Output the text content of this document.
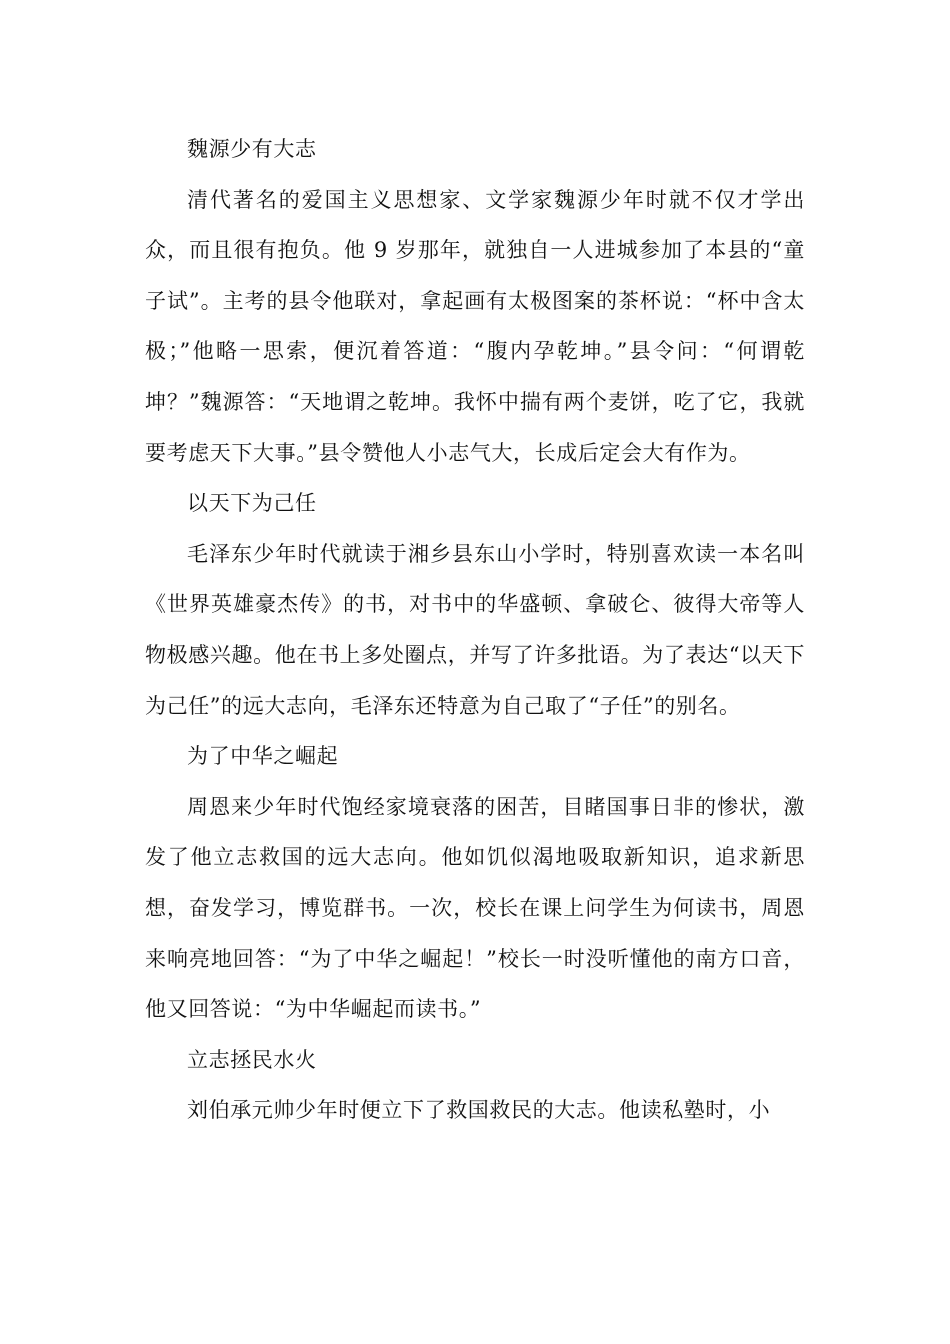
魏源少有大志

清代著名的爱国主义思想家、文学家魏源少年时就不仅才学出众，而且很有抱负。他 9 岁那年，就独自一人进城参加了本县的“童子试”。主考的县令他联对，拿起画有太极图案的茶杯说：“杯中含太极；”他略一思索，便沉着答道：“腹内孕乾坤。”县令问：“何谓乾坤？”魏源答：“天地谓之乾坤。我怀中揣有两个麦饼，吃了它，我就要考虑天下大事。”县令赞他人小志气大，长成后定会大有作为。

以天下为己任

毛泽东少年时代就读于湘乡县东山小学时，特别喜欢读一本名叫《世界英雄豪杰传》的书，对书中的华盛顿、拿破仑、彼得大帝等人物极感兴趣。他在书上多处圈点，并写了许多批语。为了表达“以天下为己任”的远大志向，毛泽东还特意为自己取了“子任”的别名。

为了中华之崛起

周恩来少年时代饱经家境衰落的困苦，目睹国事日非的惨状，激发了他立志救国的远大志向。他如饥似渴地吸取新知识，追求新思想，奋发学习，博览群书。一次，校长在课上问学生为何读书，周恩来响亮地回答：“为了中华之崛起！”校长一时没听懂他的南方口音，他又回答说：“为中华崛起而读书。”

立志拯民水火

刘伯承元帅少年时便立下了救国救民的大志。他读私塾时，小
